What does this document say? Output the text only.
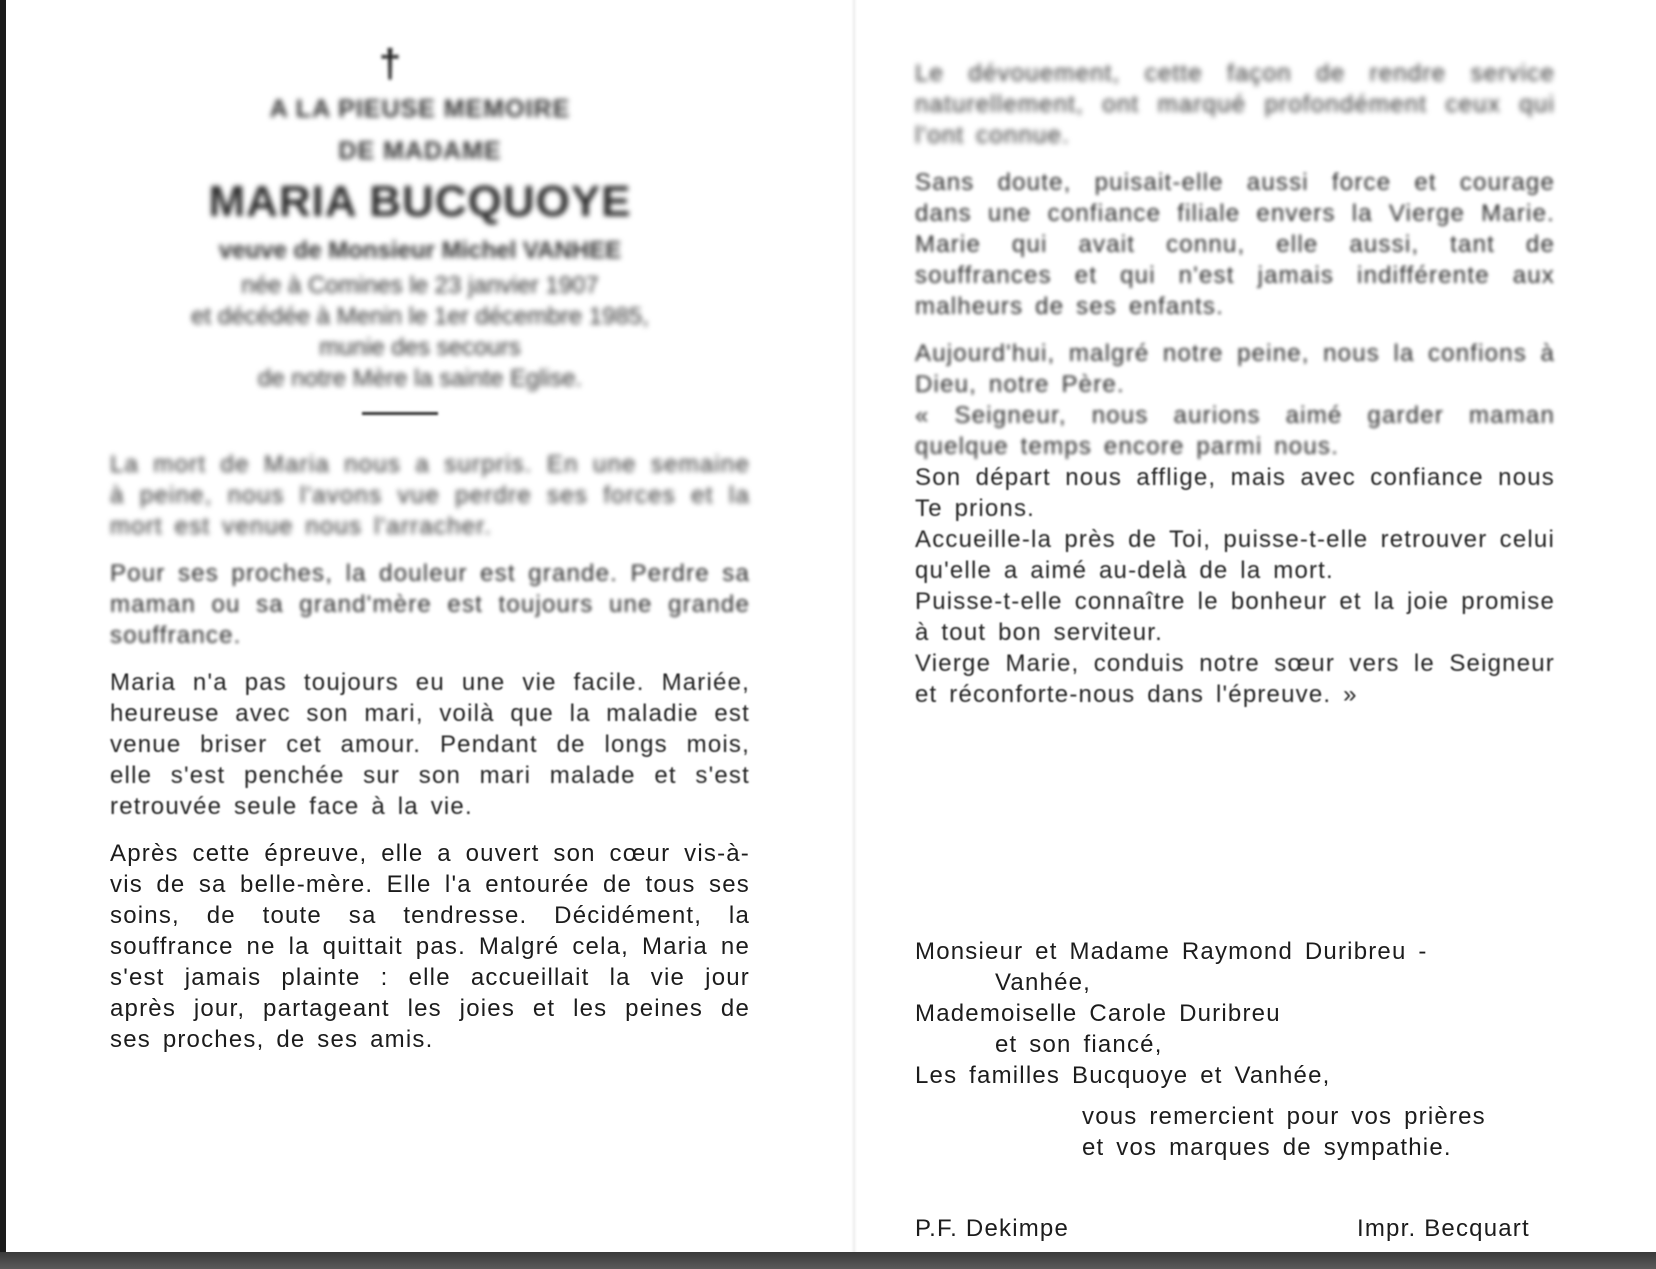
†
A LA PIEUSE MEMOIRE
DE MADAME
MARIA BUCQUOYE
veuve de Monsieur Michel VANHEE
née à Comines le 23 janvier 1907
et décédée à Menin le 1er décembre 1985,
munie des secours
de notre Mère la sainte Eglise.

La mort de Maria nous a surpris. En une semaine à peine, nous l'avons vue perdre ses forces et la mort est venue nous l'arracher.

Pour ses proches, la douleur est grande. Perdre sa maman ou sa grand'mère est toujours une grande souffrance.

Maria n'a pas toujours eu une vie facile. Mariée, heureuse avec son mari, voilà que la maladie est venue briser cet amour. Pendant de longs mois, elle s'est penchée sur son mari malade et s'est retrouvée seule face à la vie.

Après cette épreuve, elle a ouvert son cœur vis-à-vis de sa belle-mère. Elle l'a entourée de tous ses soins, de toute sa tendresse. Décidément, la souffrance ne la quittait pas. Malgré cela, Maria ne s'est jamais plainte : elle accueillait la vie jour après jour, partageant les joies et les peines de ses proches, de ses amis.

Le dévouement, cette façon de rendre service naturellement, ont marqué profondément ceux qui l'ont connue.

Sans doute, puisait-elle aussi force et courage dans une confiance filiale envers la Vierge Marie. Marie qui avait connu, elle aussi, tant de souffrances et qui n'est jamais indifférente aux malheurs de ses enfants.

Aujourd'hui, malgré notre peine, nous la confions à Dieu, notre Père.

« Seigneur, nous aurions aimé garder maman quelque temps encore parmi nous.

Son départ nous afflige, mais avec confiance nous Te prions.

Accueille-la près de Toi, puisse-t-elle retrouver celui qu'elle a aimé au-delà de la mort.

Puisse-t-elle connaître le bonheur et la joie promise à tout bon serviteur.

Vierge Marie, conduis notre sœur vers le Seigneur et réconforte-nous dans l'épreuve. »

Monsieur et Madame Raymond Duribreu -
Vanhée,
Mademoiselle Carole Duribreu
et son fiancé,
Les familles Bucquoye et Vanhée,
vous remercient pour vos prières
et vos marques de sympathie.
P.F. Dekimpe	Impr. Becquart
